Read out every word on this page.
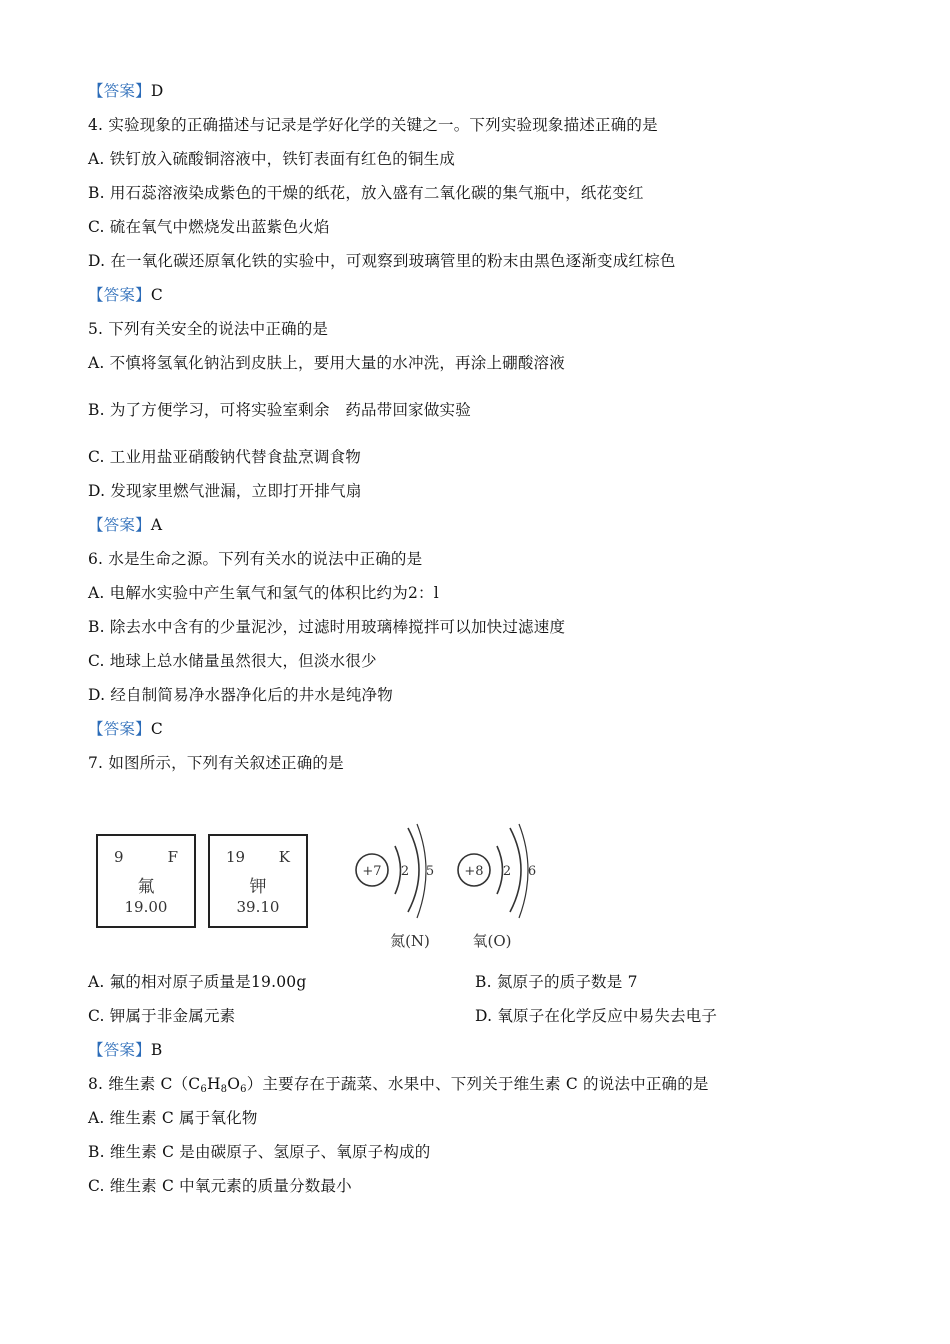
【答案】D
4. 实验现象的正确描述与记录是学好化学的关键之一。下列实验现象描述正确的是
A. 铁钉放入硫酸铜溶液中，铁钉表面有红色的铜生成
B. 用石蕊溶液染成紫色的干燥的纸花，放入盛有二氧化碳的集气瓶中，纸花变红
C. 硫在氧气中燃烧发出蓝紫色火焰
D. 在一氧化碳还原氧化铁的实验中，可观察到玻璃管里的粉末由黑色逐渐变成红棕色
【答案】C
5. 下列有关安全的说法中正确的是
A. 不慎将氢氧化钠沾到皮肤上，要用大量的水冲洗，再涂上硼酸溶液
B. 为了方便学习，可将实验室剩余　药品带回家做实验
C. 工业用盐亚硝酸钠代替食盐烹调食物
D. 发现家里燃气泄漏，立即打开排气扇
【答案】A
6. 水是生命之源。下列有关水的说法中正确的是
A. 电解水实验中产生氧气和氢气的体积比约为2：l
B. 除去水中含有的少量泥沙，过滤时用玻璃棒搅拌可以加快过滤速度
C. 地球上总水储量虽然很大，但淡水很少
D. 经自制简易净水器净化后的井水是纯净物
【答案】C
7. 如图所示，下列有关叙述正确的是
9	F
氟
19.00
19 K
钾
39.10
+7 2 5
氮(N)
+8 2 6
氧(O)
A. 氟的相对原子质量是19.00g	B. 氮原子的质子数是 7
C. 钾属于非金属元素	D. 氧原子在化学反应中易失去电子
【答案】B
8. 维生素 $C(C_6H_8O_6)$主要存在于蔬菜、水果中、下列关于维生素 C 的说法中正确的是
A. 维生素 C 属于氧化物
B. 维生素 C 是由碳原子、氢原子、氧原子构成的
C. 维生素 C 中氧元素的质量分数最小
